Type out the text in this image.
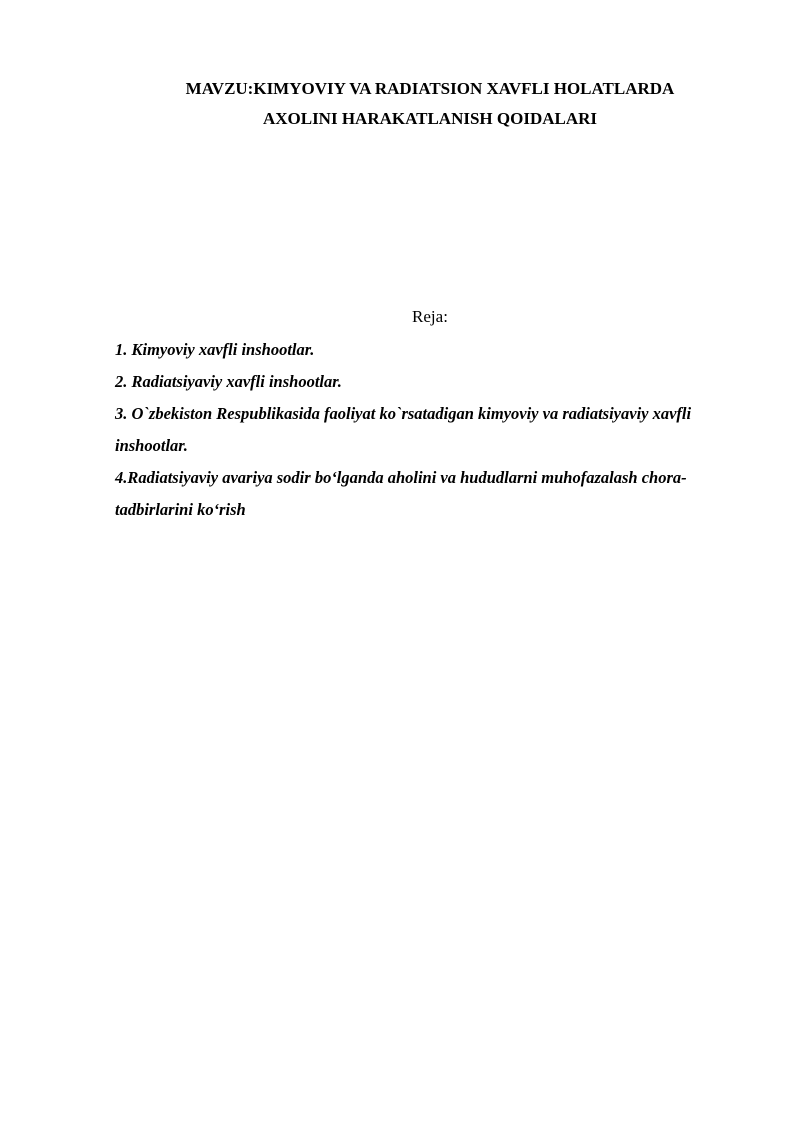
MAVZU:KIMYOVIY VA RADIATSION XAVFLI HOLATLARDA
AXOLINI HARAKATLANISH QOIDALARI
Reja:
1. Kimyoviy xavfli inshootlar.
2. Radiatsiyaviy xavfli inshootlar.
3. O`zbekiston Respublikasida faoliyat ko`rsatadigan kimyoviy va radiatsiyaviy xavfli inshootlar.
4.Radiatsiyaviy avariya sodir bo‘lganda aholini va hududlarni muhofazalash chora-tadbirlarini ko‘rish
